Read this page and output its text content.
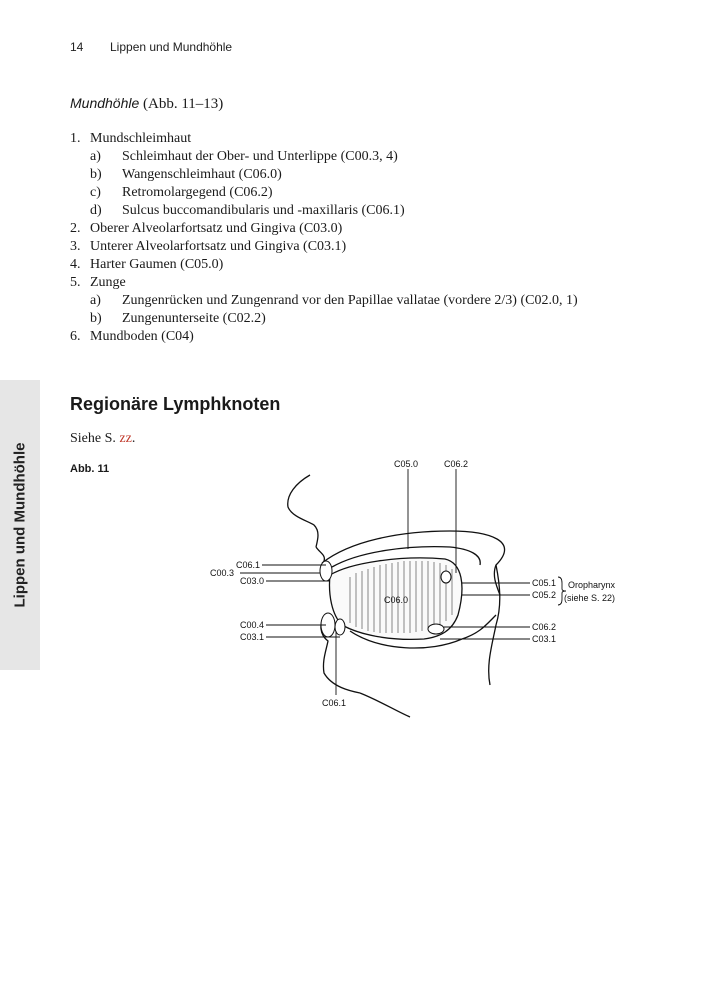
14 Lippen und Mundhöhle
Mundhöhle (Abb. 11–13)
1. Mundschleimhaut
a) Schleimhaut der Ober- und Unterlippe (C00.3, 4)
b) Wangenschleimhaut (C06.0)
c) Retromolargegend (C06.2)
d) Sulcus buccomandibularis und -maxillaris (C06.1)
2. Oberer Alveolarfortsatz und Gingiva (C03.0)
3. Unterer Alveolarfortsatz und Gingiva (C03.1)
4. Harter Gaumen (C05.0)
5. Zunge
a) Zungenrücken und Zungenrand vor den Papillae vallatae (vordere 2/3) (C02.0, 1)
b) Zungenunterseite (C02.2)
6. Mundboden (C04)
Lippen und Mundhöhle
Regionäre Lymphknoten
Siehe S. zz.
Abb. 11	C05.0	C06.2
C06.1
C00.3
C03.0
C06.0
C00.4
C03.1
C06.1
C05.1
C05.2
C06.2
C03.1
Oropharynx
(siehe S. 22)
